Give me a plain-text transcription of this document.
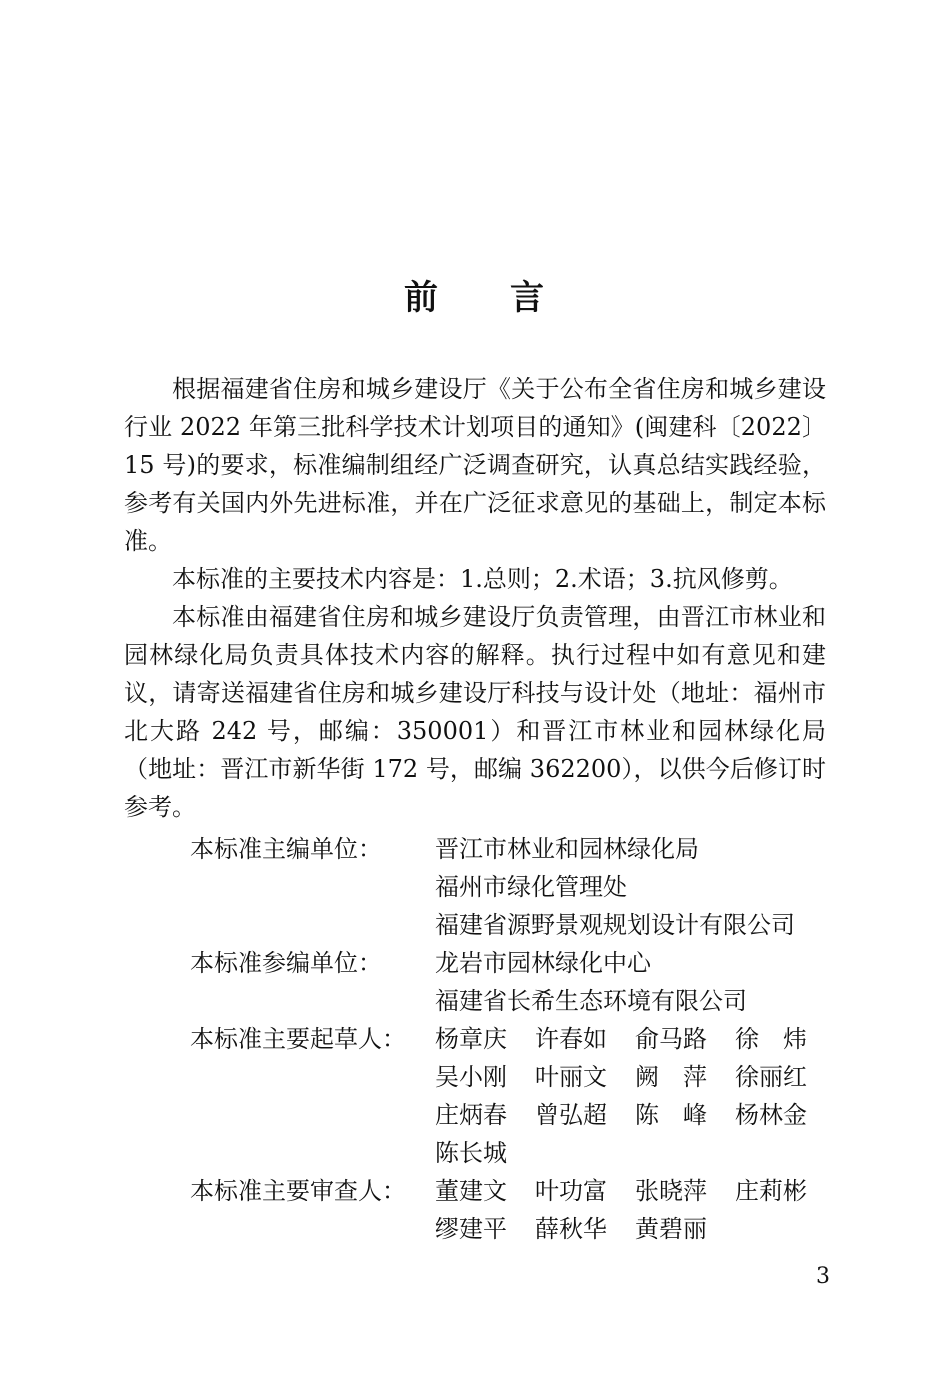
前 言

根据福建省住房和城乡建设厅《关于公布全省住房和城乡建设行业 2022 年第三批科学技术计划项目的通知》(闽建科〔2022〕15 号)的要求，标准编制组经广泛调查研究，认真总结实践经验，参考有关国内外先进标准，并在广泛征求意见的基础上，制定本标准。

本标准的主要技术内容是：1.总则；2.术语；3.抗风修剪。

本标准由福建省住房和城乡建设厅负责管理，由晋江市林业和园林绿化局负责具体技术内容的解释。执行过程中如有意见和建议，请寄送福建省住房和城乡建设厅科技与设计处（地址：福州市北大路 242 号，邮编：350001）和晋江市林业和园林绿化局（地址：晋江市新华街 172 号，邮编 362200），以供今后修订时参考。

本标准主编单位：	晋江市林业和园林绿化局
福州市绿化管理处
福建省源野景观规划设计有限公司
本标准参编单位：	龙岩市园林绿化中心
福建省长希生态环境有限公司
本标准主要起草人：	杨章庆 许春如 俞马路 徐　炜
吴小刚 叶丽文 阙　萍 徐丽红
庄炳春 曾弘超 陈　峰 杨林金
陈长城
本标准主要审查人：	董建文 叶功富 张晓萍 庄莉彬
缪建平 薛秋华 黄碧丽
3
